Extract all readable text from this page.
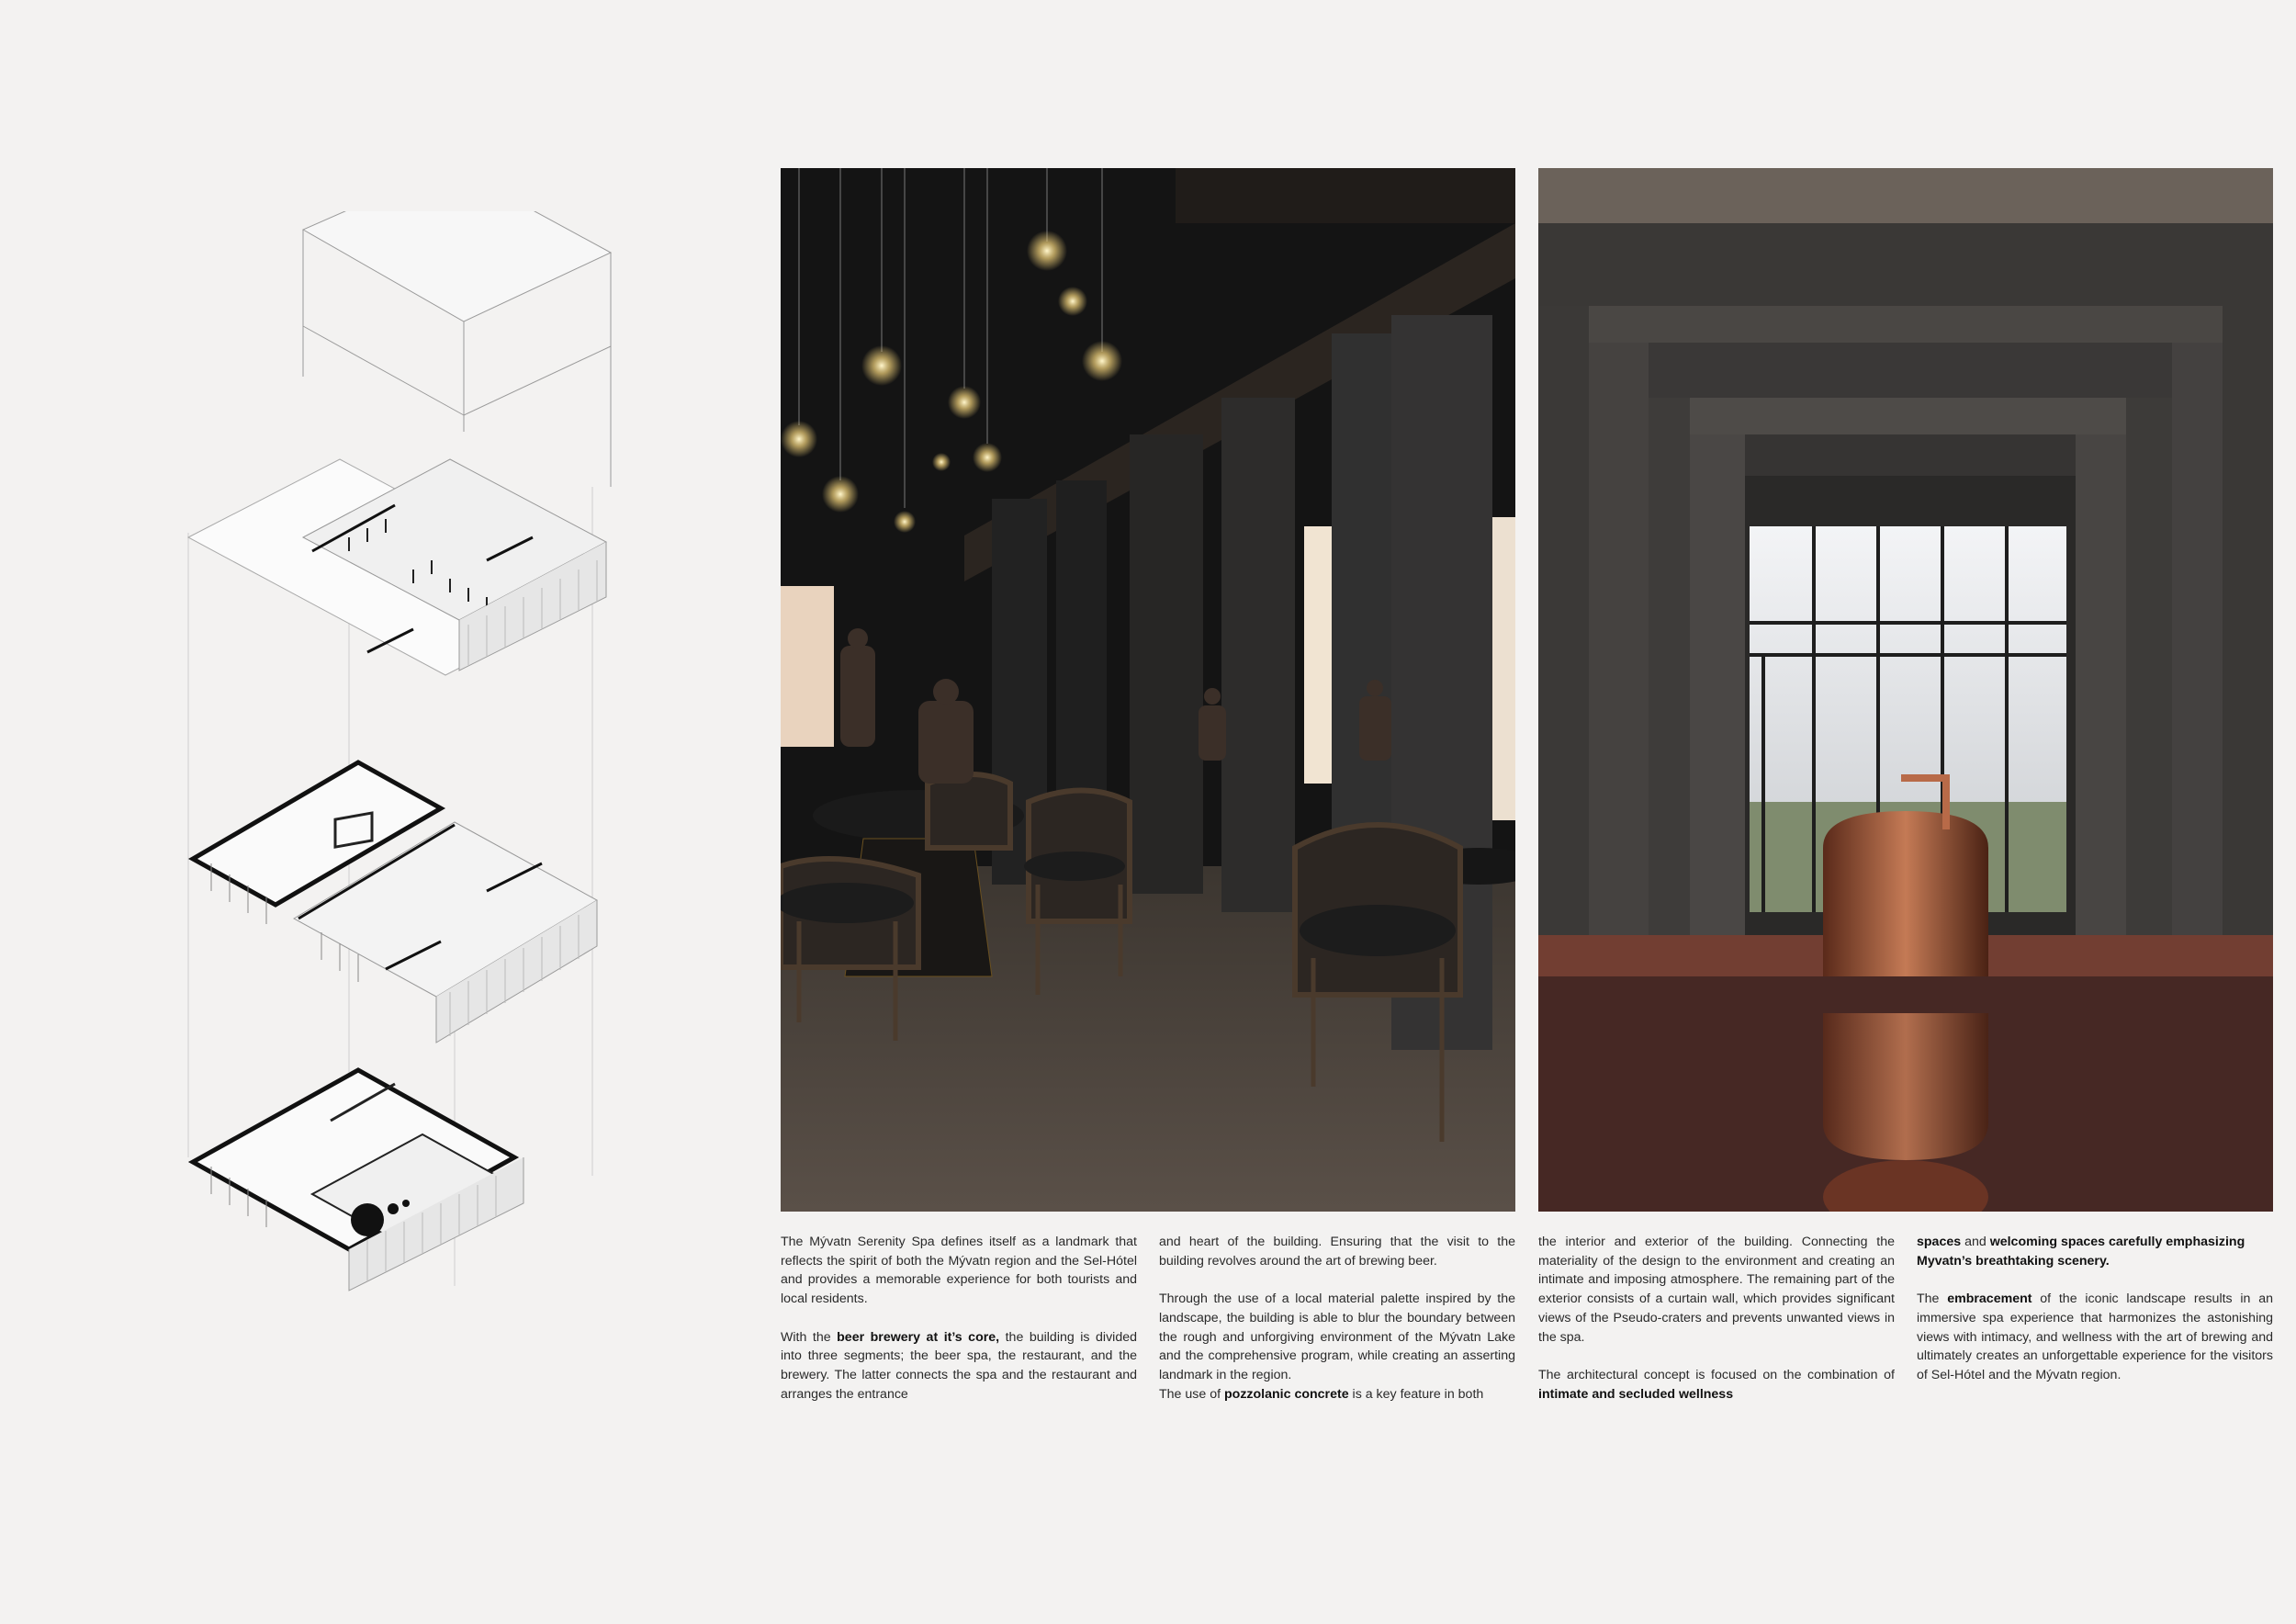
The Mývatn Serenity Spa defines itself as a landmark that reflects the spirit of both the Mývatn region and the Sel-Hótel and provides a memorable experience for both tourists and local residents.

With the beer brewery at it’s core, the building is divided into three segments; the beer spa, the restaurant, and the brewery. The latter connects the spa and the restaurant and arranges the entrance

and heart of the building. Ensuring that the visit to the building revolves around the art of brewing beer.

Through the use of a local material palette inspired by the landscape, the building is able to blur the boundary between the rough and unforgiving environment of the Mývatn Lake and the comprehensive program, while creating an asserting landmark in the region.

The use of pozzolanic concrete is a key feature in both

the interior and exterior of the building. Connecting the materiality of the design to the environment and creating an intimate and imposing atmosphere. The remaining part of the exterior consists of a curtain wall, which provides significant views of the Pseudo-craters and prevents unwanted views in the spa.

The architectural concept is focused on the combination of intimate and secluded wellness

spaces and welcoming spaces carefully emphasizing Myvatn’s breathtaking scenery.

The embracement of the iconic landscape results in an immersive spa experience that harmonizes the astonishing views with intimacy, and wellness with the art of brewing and ultimately creates an unforgettable experience for the visitors of Sel-Hótel and the Mývatn region.
